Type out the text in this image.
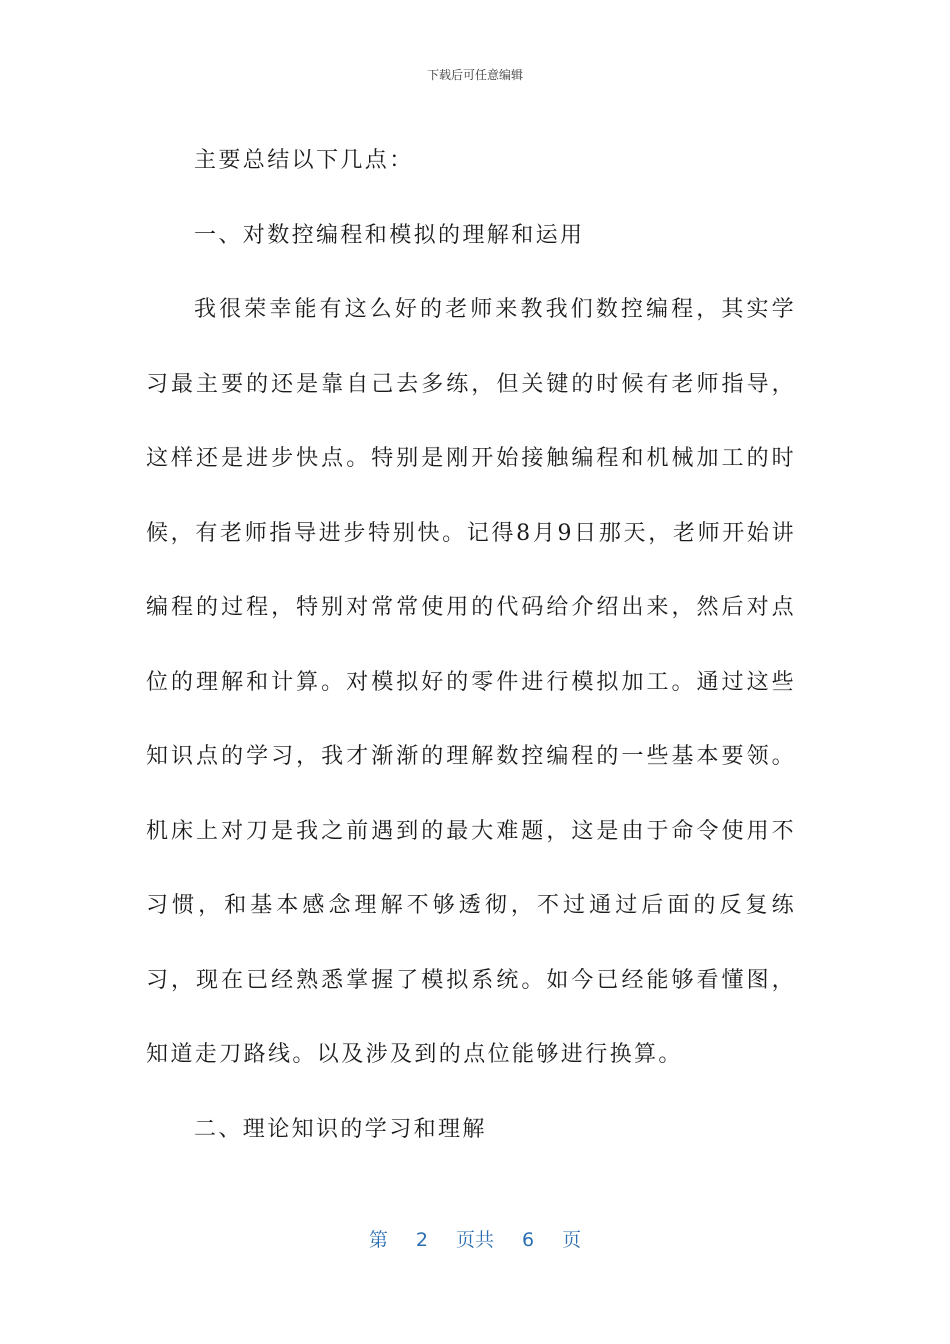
下载后可任意编辑

主要总结以下几点：

一、对数控编程和模拟的理解和运用

我很荣幸能有这么好的老师来教我们数控编程，其实学习最主要的还是靠自己去多练，但关键的时候有老师指导，这样还是进步快点。特别是刚开始接触编程和机械加工的时候，有老师指导进步特别快。记得8月9日那天，老师开始讲编程的过程，特别对常常使用的代码给介绍出来，然后对点位的理解和计算。对模拟好的零件进行模拟加工。通过这些知识点的学习，我才渐渐的理解数控编程的一些基本要领。机床上对刀是我之前遇到的最大难题，这是由于命令使用不习惯，和基本感念理解不够透彻，不过通过后面的反复练习，现在已经熟悉掌握了模拟系统。如今已经能够看懂图，知道走刀路线。以及涉及到的点位能够进行换算。

二、理论知识的学习和理解

第 2 页共 6 页
